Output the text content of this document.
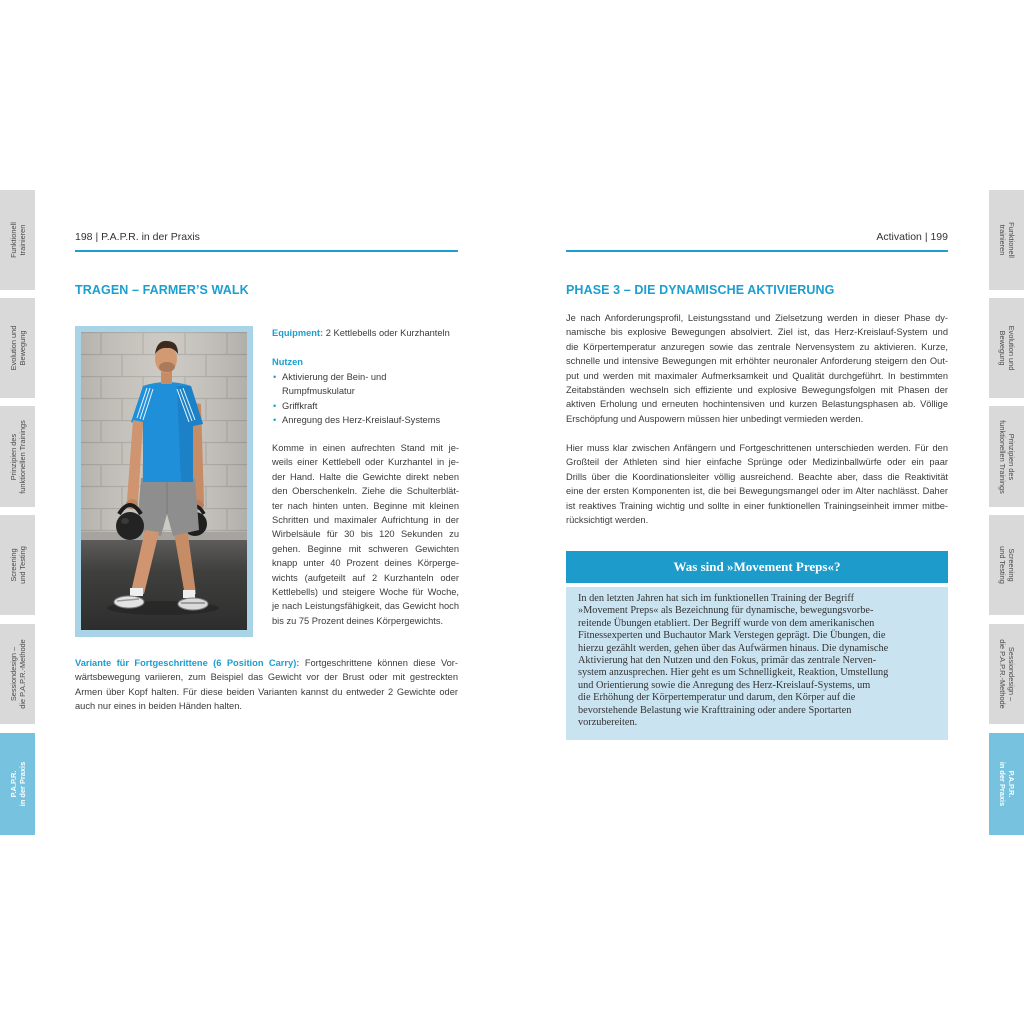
Funktionell trainieren
Evolution und Bewegung
Prinzipien des funktionellen Trainings
Screening und Testing
Sessiondesign – die P.A.P.R.-Methode
P.A.P.R. in der Praxis
Funktionell
trainieren
Evolution und
Bewegung
Prinzipien des
funktionellen Trainings
Screening
und Testing
Sessiondesign –
die P.A.P.R.-Methode
P.A.P.R.
in der Praxis
198 | P.A.P.R. in der Praxis
TRAGEN – FARMER’S WALK
Equipment: 2 Kettlebells oder Kurzhanteln
Nutzen
• Aktivierung der Bein- und
Rumpfmuskulatur
• Griffkraft
• Anregung des Herz-Kreislauf-Systems
Komme in einen aufrechten Stand mit je-
weils einer Kettlebell oder Kurzhantel in je-
der Hand. Halte die Gewichte direkt neben
den Oberschenkeln. Ziehe die Schulterblät-
ter nach hinten unten. Beginne mit kleinen
Schritten und maximaler Aufrichtung in der
Wirbelsäule für 30 bis 120 Sekunden zu
gehen. Beginne mit schweren Gewichten
knapp unter 40 Prozent deines Körperge-
wichts (aufgeteilt auf 2 Kurzhanteln oder
Kettlebells) und steigere Woche für Woche,
je nach Leistungsfähigkeit, das Gewicht hoch
bis zu 75 Prozent deines Körpergewichts.
Variante für Fortgeschrittene (6 Position Carry): Fortgeschrittene können diese Vor-
wärtsbewegung variieren, zum Beispiel das Gewicht vor der Brust oder mit gestreckten
Armen über Kopf halten. Für diese beiden Varianten kannst du entweder 2 Gewichte oder
auch nur eines in beiden Händen halten.
Activation | 199
PHASE 3 – DIE DYNAMISCHE AKTIVIERUNG
Je nach Anforderungsprofil, Leistungsstand und Zielsetzung werden in dieser Phase dy-
namische bis explosive Bewegungen absolviert. Ziel ist, das Herz-Kreislauf-System und
die Körpertemperatur anzuregen sowie das zentrale Nervensystem zu aktivieren. Kurze,
schnelle und intensive Bewegungen mit erhöhter neuronaler Anforderung steigern den Out-
put und werden mit maximaler Aufmerksamkeit und Qualität durchgeführt. In bestimmten
Zeitabständen wechseln sich effiziente und explosive Bewegungsfolgen mit Phasen der
aktiven Erholung und erneuten hochintensiven und kurzen Belastungsphasen ab. Völlige
Erschöpfung und Auspowern müssen hier unbedingt vermieden werden.
Hier muss klar zwischen Anfängern und Fortgeschrittenen unterschieden werden. Für den
Großteil der Athleten sind hier einfache Sprünge oder Medizinballwürfe oder ein paar
Drills über die Koordinationsleiter völlig ausreichend. Beachte aber, dass die Reaktivität
eine der ersten Komponenten ist, die bei Bewegungsmangel oder im Alter nachlässt. Daher
ist reaktives Training wichtig und sollte in einer funktionellen Trainingseinheit immer mitbe-
rücksichtigt werden.
Was sind »Movement Preps«?
In den letzten Jahren hat sich im funktionellen Training der Begriff
»Movement Preps« als Bezeichnung für dynamische, bewegungsvorbe-
reitende Übungen etabliert. Der Begriff wurde von dem amerikanischen
Fitnessexperten und Buchautor Mark Verstegen geprägt. Die Übungen, die
hierzu gezählt werden, gehen über das Aufwärmen hinaus. Die dynamische
Aktivierung hat den Nutzen und den Fokus, primär das zentrale Nerven-
system anzusprechen. Hier geht es um Schnelligkeit, Reaktion, Umstellung
und Orientierung sowie die Anregung des Herz-Kreislauf-Systems, um
die Erhöhung der Körpertemperatur und darum, den Körper auf die
bevorstehende Belastung wie Krafttraining oder andere Sportarten
vorzubereiten.
